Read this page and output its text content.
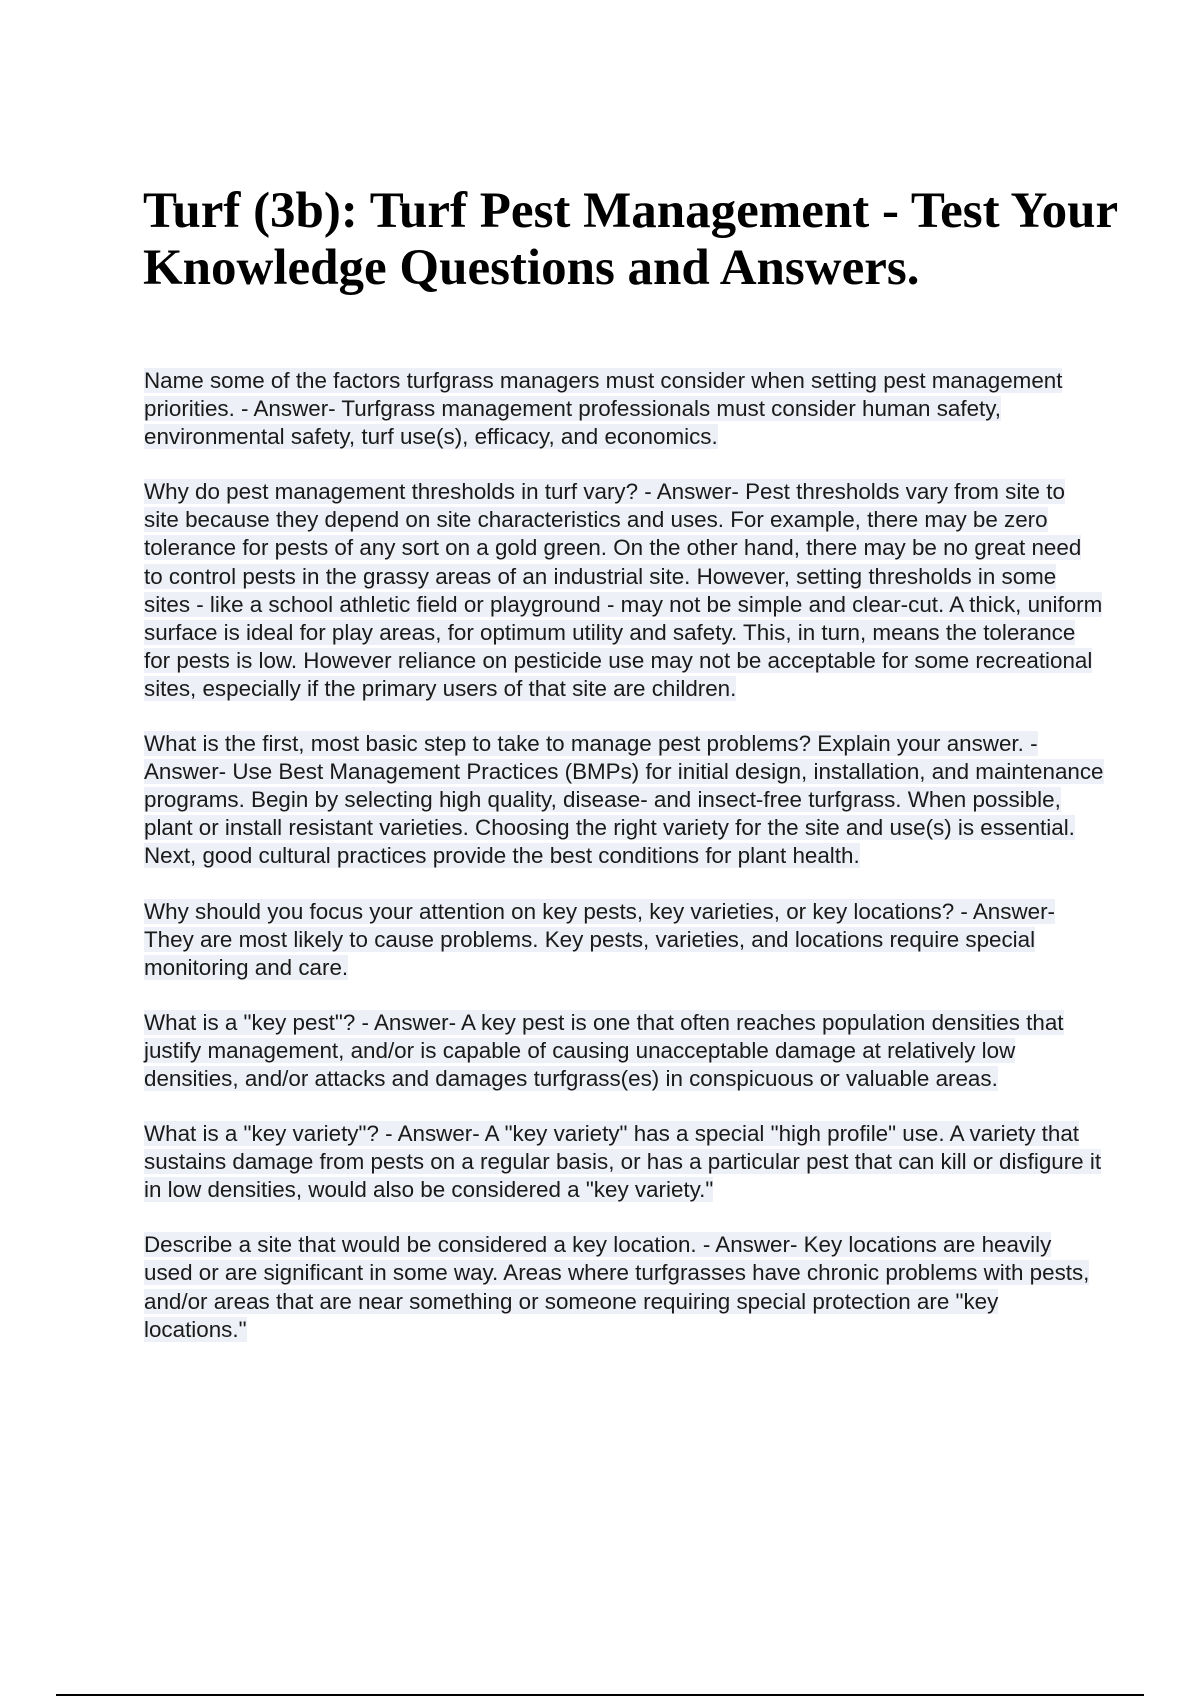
Turf (3b): Turf Pest Management - Test Your Knowledge Questions and Answers.

Name some of the factors turfgrass managers must consider when setting pest management priorities. - Answer- Turfgrass management professionals must consider human safety, environmental safety, turf use(s), efficacy, and economics.

Why do pest management thresholds in turf vary? - Answer- Pest thresholds vary from site to site because they depend on site characteristics and uses. For example, there may be zero tolerance for pests of any sort on a gold green. On the other hand, there may be no great need to control pests in the grassy areas of an industrial site. However, setting thresholds in some sites - like a school athletic field or playground - may not be simple and clear-cut. A thick, uniform surface is ideal for play areas, for optimum utility and safety. This, in turn, means the tolerance for pests is low. However reliance on pesticide use may not be acceptable for some recreational sites, especially if the primary users of that site are children.

What is the first, most basic step to take to manage pest problems? Explain your answer. - Answer- Use Best Management Practices (BMPs) for initial design, installation, and maintenance programs. Begin by selecting high quality, disease- and insect-free turfgrass. When possible, plant or install resistant varieties. Choosing the right variety for the site and use(s) is essential. Next, good cultural practices provide the best conditions for plant health.

Why should you focus your attention on key pests, key varieties, or key locations? - Answer- They are most likely to cause problems. Key pests, varieties, and locations require special monitoring and care.

What is a "key pest"? - Answer- A key pest is one that often reaches population densities that justify management, and/or is capable of causing unacceptable damage at relatively low densities, and/or attacks and damages turfgrass(es) in conspicuous or valuable areas.

What is a "key variety"? - Answer- A "key variety" has a special "high profile" use. A variety that sustains damage from pests on a regular basis, or has a particular pest that can kill or disfigure it in low densities, would also be considered a "key variety."

Describe a site that would be considered a key location. - Answer- Key locations are heavily used or are significant in some way. Areas where turfgrasses have chronic problems with pests, and/or areas that are near something or someone requiring special protection are "key locations."
